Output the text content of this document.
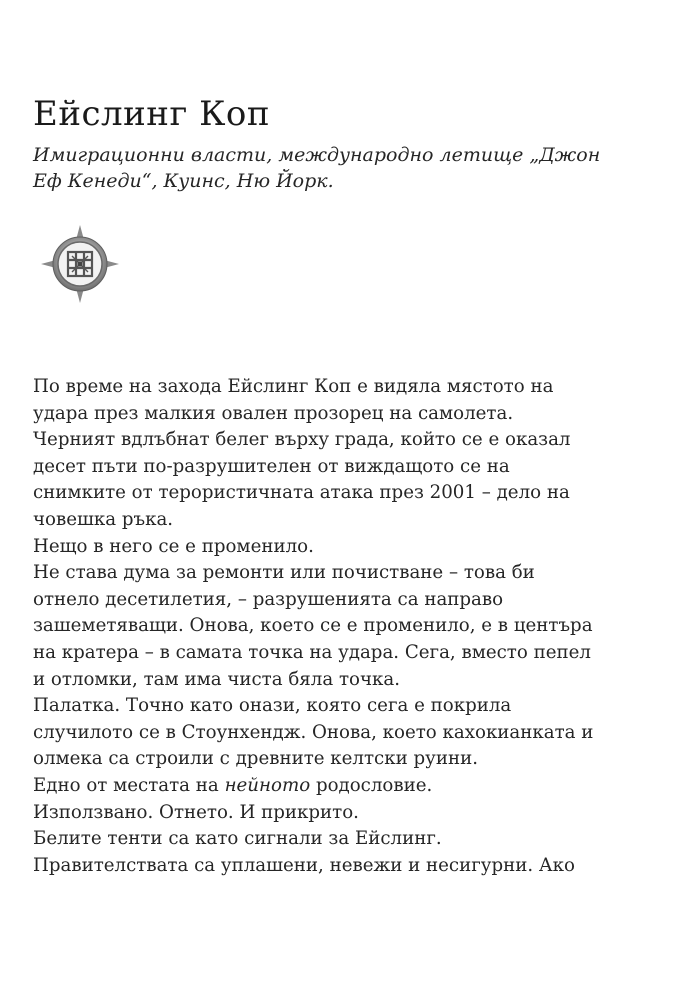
Ейслинг Коп

Имиграционни власти, международно летище „Джон
Еф Кенеди“, Куинс, Ню Йорк.

По време на захода Ейслинг Коп е видяла мястото на
удара през малкия овален прозорец на самолета.
Черният вдлъбнат белег върху града, който се е оказал
десет пъти по-разрушителен от виждащото се на
снимките от терористичната атака през 2001 – дело на
човешка ръка.
Нещо в него се е променило.
Не става дума за ремонти или почистване – това би
отнело десетилетия, – разрушенията са направо
зашеметяващи. Онова, което се е променило, е в центъра
на кратера – в самата точка на удара. Сега, вместо пепел
и отломки, там има чиста бяла точка.
Палатка. Точно като онази, която сега е покрила
случилото се в Стоунхендж. Онова, което кахокианката и
олмека са строили с древните келтски руини.
Едно от местата на нейното родословие.
Използвано. Отнето. И прикрито.
Белите тенти са като сигнали за Ейслинг.
Правителствата са уплашени, невежи и несигурни. Ако
